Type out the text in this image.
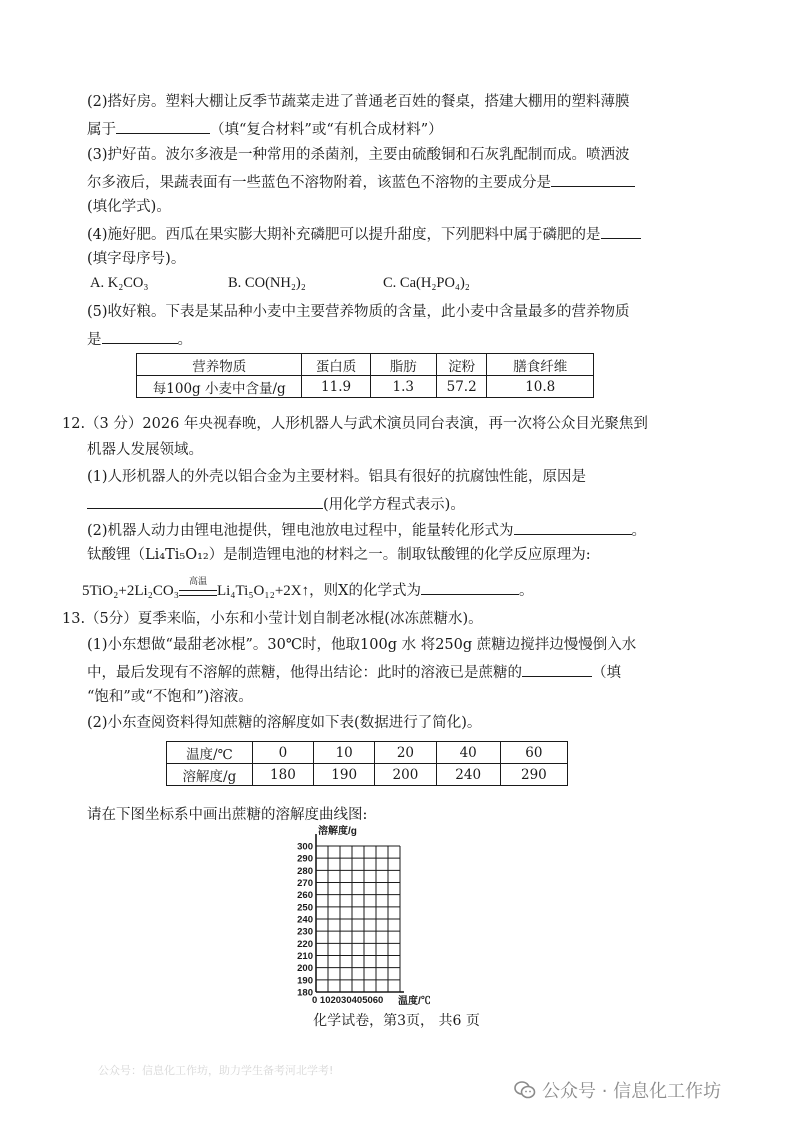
(2)搭好房。塑料大棚让反季节蔬菜走进了普通老百姓的餐桌，搭建大棚用的塑料薄膜
属于	（填“复合材料”或“有机合成材料”）
(3)护好苗。波尔多液是一种常用的杀菌剂，主要由硫酸铜和石灰乳配制而成。喷洒波
尔多液后，果蔬表面有一些蓝色不溶物附着，该蓝色不溶物的主要成分是
(填化学式)。
(4)施好肥。西瓜在果实膨大期补充磷肥可以提升甜度，下列肥料中属于磷肥的是
(填字母序号)。
A. K₂CO₃	B. CO(NH₂)₂	C. Ca(H₂PO₄)₂
(5)收好粮。下表是某品种小麦中主要营养物质的含量，此小麦中含量最多的营养物质
是	。
营养物质	蛋白质	脂肪	淀粉	膳食纤维
每100g 小麦中含量/g	11.9	1.3	57.2	10.8
12.（3 分）2026 年央视春晚，人形机器人与武术演员同台表演，再一次将公众目光聚焦到
机器人发展领域。
(1)人形机器人的外壳以铝合金为主要材料。铝具有很好的抗腐蚀性能，原因是
(用化学方程式表示)。
(2)机器人动力由锂电池提供，锂电池放电过程中，能量转化形式为	。
钛酸锂（Li₄Ti₅O₁₂）是制造锂电池的材料之一。制取钛酸锂的化学反应原理为:
5TiO₂+2Li₂CO₃
高温
Li₄Ti₅O₁₂+2X↑，则X的化学式为	。
13.（5分）夏季来临，小东和小莹计划自制老冰棍(冰冻蔗糖水)。
(1)小东想做“最甜老冰棍”。30℃时，他取100g 水 将250g 蔗糖边搅拌边慢慢倒入水
中，最后发现有不溶解的蔗糖，他得出结论：此时的溶液已是蔗糖的	（填
“饱和”或“不饱和”)溶液。
(2)小东查阅资料得知蔗糖的溶解度如下表(数据进行了简化)。
温度/℃	0	10	20	40	60
溶解度/g	180	190	200	240	290
请在下图坐标系中画出蔗糖的溶解度曲线图:
300
290
280
270
260
250
240
230
220
210
200
190
180
溶解度/g
0 102030405060 温度/℃
化学试卷，第3页， 共6 页
公众号：信息化工作坊，助力学生备考河北学考!
公众号 · 信息化工作坊
